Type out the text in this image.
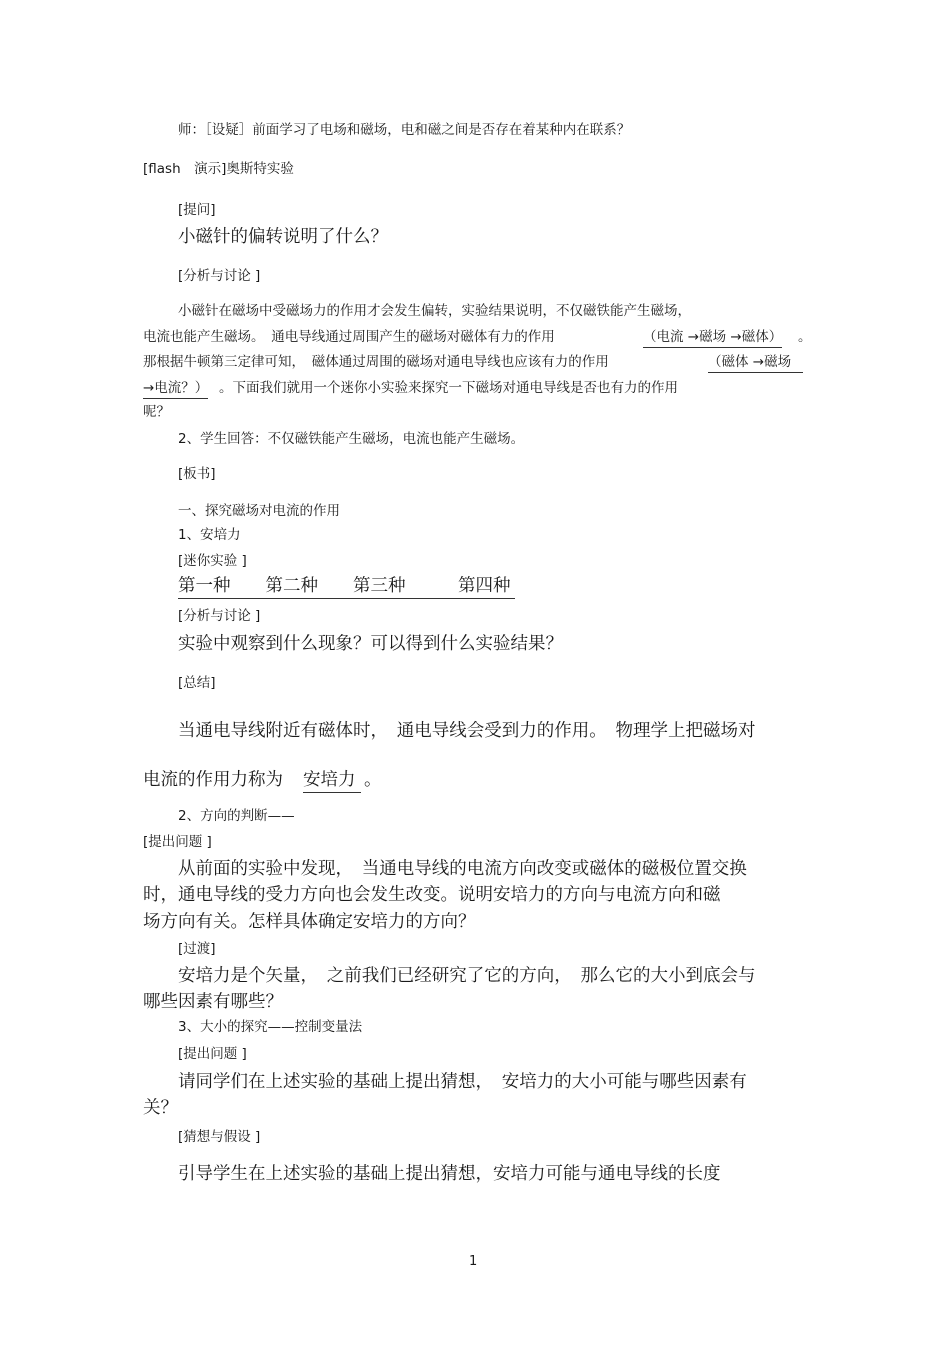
师：［设疑］前面学习了电场和磁场，电和磁之间是否存在着某种内在联系？
[flash　演示]奥斯特实验
[提问]
小磁针的偏转说明了什么？
[分析与讨论 ]
小磁针在磁场中受磁场力的作用才会发生偏转，实验结果说明，不仅磁铁能产生磁场，
电流也能产生磁场。　通电导线通过周围产生的磁场对磁体有力的作用	（电流 →磁场 →磁体） 。
那根据牛顿第三定律可知，　磁体通过周围的磁场对通电导线也应该有力的作用	（磁体 →磁场
→电流？） 。下面我们就用一个迷你小实验来探究一下磁场对通电导线是否也有力的作用
呢？
2、学生回答：不仅磁铁能产生磁场，电流也能产生磁场。
[板书]
一、探究磁场对电流的作用
1、安培力
[迷你实验 ]
第一种　　第二种　　第三种　　　第四种
[分析与讨论 ]
实验中观察到什么现象？可以得到什么实验结果？
[总结]
当通电导线附近有磁体时，　通电导线会受到力的作用。　物理学上把磁场对
电流的作用力称为 安培力 。
2、方向的判断——
[提出问题 ]
从前面的实验中发现，　当通电导线的电流方向改变或磁体的磁极位置交换
时，通电导线的受力方向也会发生改变。说明安培力的方向与电流方向和磁
场方向有关。怎样具体确定安培力的方向？
[过渡]
安培力是个矢量，　之前我们已经研究了它的方向，　那么它的大小到底会与
哪些因素有哪些？
3、大小的探究——控制变量法
[提出问题 ]
请同学们在上述实验的基础上提出猜想，　安培力的大小可能与哪些因素有
关？
[猜想与假设 ]
引导学生在上述实验的基础上提出猜想，安培力可能与通电导线的长度
1
